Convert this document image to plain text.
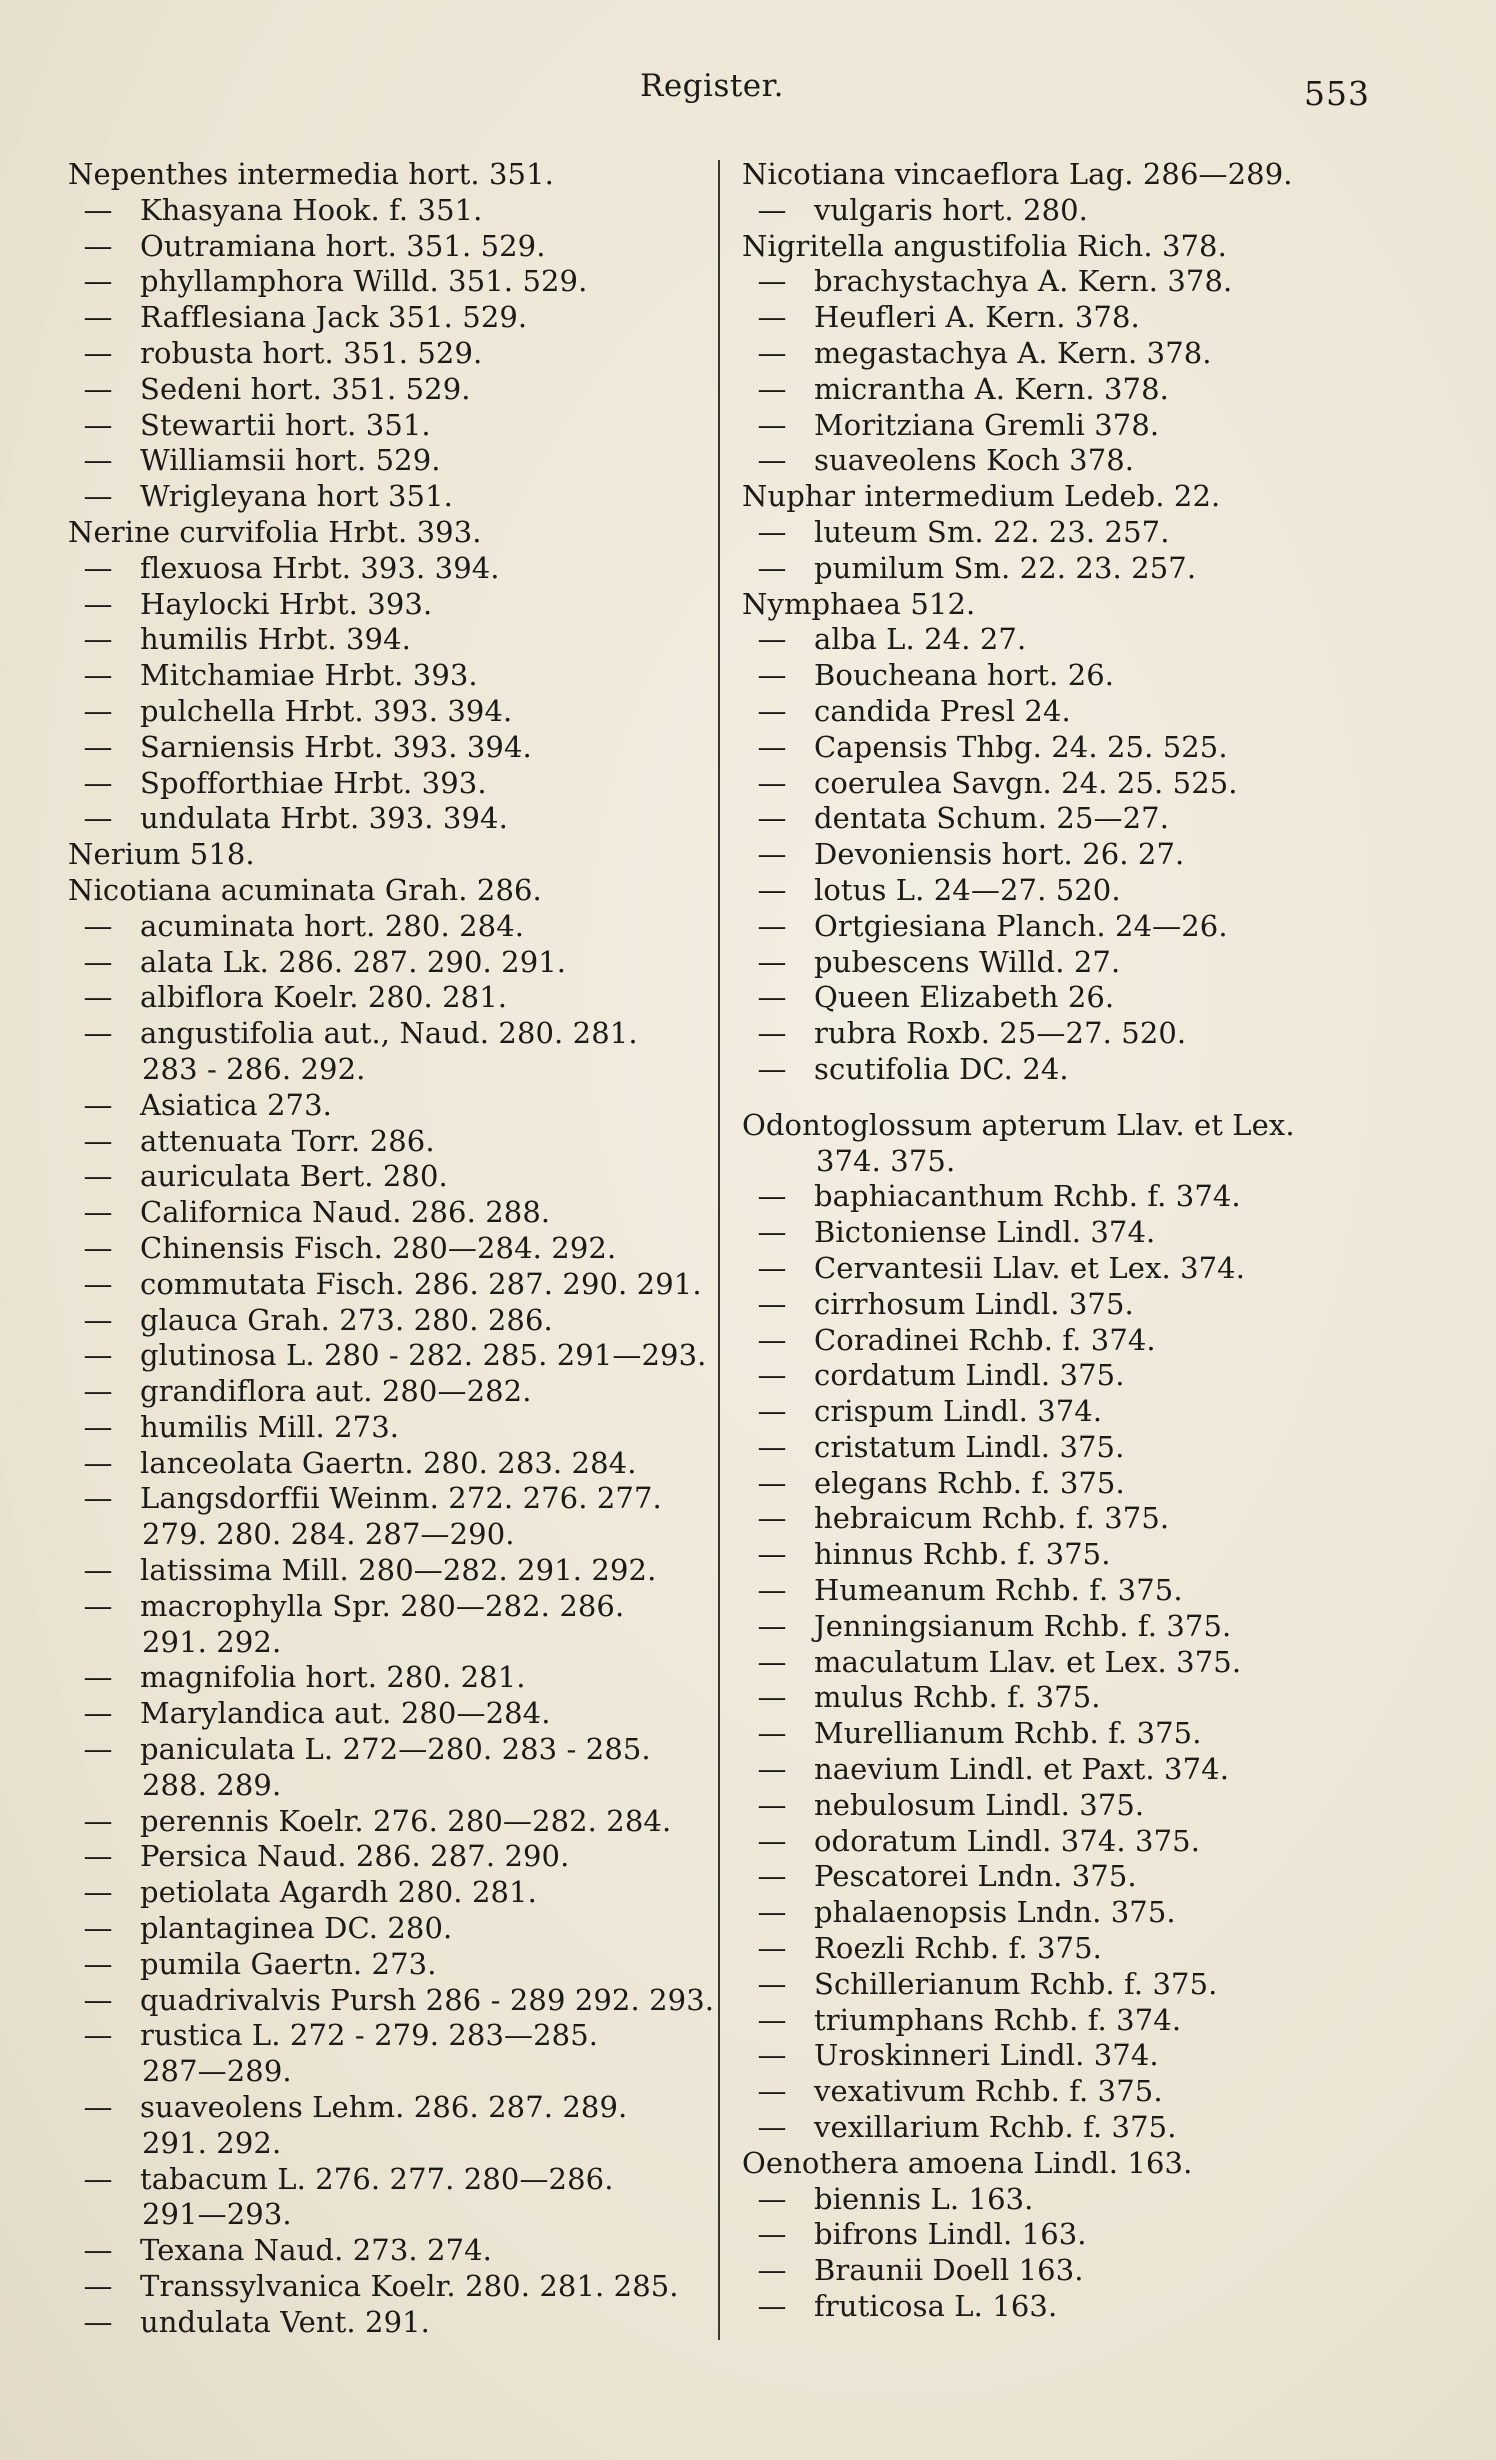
Register.	553
Nepenthes intermedia hort. 351.
— Khasyana Hook. f. 351.
— Outramiana hort. 351. 529.
— phyllamphora Willd. 351. 529.
— Rafflesiana Jack 351. 529.
— robusta hort. 351. 529.
— Sedeni hort. 351. 529.
— Stewartii hort. 351.
— Williamsii hort. 529.
— Wrigleyana hort 351.
Nerine curvifolia Hrbt. 393.
— flexuosa Hrbt. 393. 394.
— Haylocki Hrbt. 393.
— humilis Hrbt. 394.
— Mitchamiae Hrbt. 393.
— pulchella Hrbt. 393. 394.
— Sarniensis Hrbt. 393. 394.
— Spofforthiae Hrbt. 393.
— undulata Hrbt. 393. 394.
Nerium 518.
Nicotiana acuminata Grah. 286.
— acuminata hort. 280. 284.
— alata Lk. 286. 287. 290. 291.
— albiflora Koelr. 280. 281.
— angustifolia aut., Naud. 280. 281.
283 - 286. 292.
— Asiatica 273.
— attenuata Torr. 286.
— auriculata Bert. 280.
— Californica Naud. 286. 288.
— Chinensis Fisch. 280—284. 292.
— commutata Fisch. 286. 287. 290. 291.
— glauca Grah. 273. 280. 286.
— glutinosa L. 280 - 282. 285. 291—293.
— grandiflora aut. 280—282.
— humilis Mill. 273.
— lanceolata Gaertn. 280. 283. 284.
— Langsdorffii Weinm. 272. 276. 277.
279. 280. 284. 287—290.
— latissima Mill. 280—282. 291. 292.
— macrophylla Spr. 280—282. 286.
291. 292.
— magnifolia hort. 280. 281.
— Marylandica aut. 280—284.
— paniculata L. 272—280. 283 - 285.
288. 289.
— perennis Koelr. 276. 280—282. 284.
— Persica Naud. 286. 287. 290.
— petiolata Agardh 280. 281.
— plantaginea DC. 280.
— pumila Gaertn. 273.
— quadrivalvis Pursh 286 - 289 292. 293.
— rustica L. 272 - 279. 283—285.
287—289.
— suaveolens Lehm. 286. 287. 289.
291. 292.
— tabacum L. 276. 277. 280—286.
291—293.
— Texana Naud. 273. 274.
— Transsylvanica Koelr. 280. 281. 285.
— undulata Vent. 291.
Nicotiana vincaeflora Lag. 286—289.
— vulgaris hort. 280.
Nigritella angustifolia Rich. 378.
— brachystachya A. Kern. 378.
— Heufleri A. Kern. 378.
— megastachya A. Kern. 378.
— micrantha A. Kern. 378.
— Moritziana Gremli 378.
— suaveolens Koch 378.
Nuphar intermedium Ledeb. 22.
— luteum Sm. 22. 23. 257.
— pumilum Sm. 22. 23. 257.
Nymphaea 512.
— alba L. 24. 27.
— Boucheana hort. 26.
— candida Presl 24.
— Capensis Thbg. 24. 25. 525.
— coerulea Savgn. 24. 25. 525.
— dentata Schum. 25—27.
— Devoniensis hort. 26. 27.
— lotus L. 24—27. 520.
— Ortgiesiana Planch. 24—26.
— pubescens Willd. 27.
— Queen Elizabeth 26.
— rubra Roxb. 25—27. 520.
— scutifolia DC. 24.
Odontoglossum apterum Llav. et Lex.
374. 375.
— baphiacanthum Rchb. f. 374.
— Bictoniense Lindl. 374.
— Cervantesii Llav. et Lex. 374.
— cirrhosum Lindl. 375.
— Coradinei Rchb. f. 374.
— cordatum Lindl. 375.
— crispum Lindl. 374.
— cristatum Lindl. 375.
— elegans Rchb. f. 375.
— hebraicum Rchb. f. 375.
— hinnus Rchb. f. 375.
— Humeanum Rchb. f. 375.
— Jenningsianum Rchb. f. 375.
— maculatum Llav. et Lex. 375.
— mulus Rchb. f. 375.
— Murellianum Rchb. f. 375.
— naevium Lindl. et Paxt. 374.
— nebulosum Lindl. 375.
— odoratum Lindl. 374. 375.
— Pescatorei Lndn. 375.
— phalaenopsis Lndn. 375.
— Roezli Rchb. f. 375.
— Schillerianum Rchb. f. 375.
— triumphans Rchb. f. 374.
— Uroskinneri Lindl. 374.
— vexativum Rchb. f. 375.
— vexillarium Rchb. f. 375.
Oenothera amoena Lindl. 163.
— biennis L. 163.
— bifrons Lindl. 163.
— Braunii Doell 163.
— fruticosa L. 163.
